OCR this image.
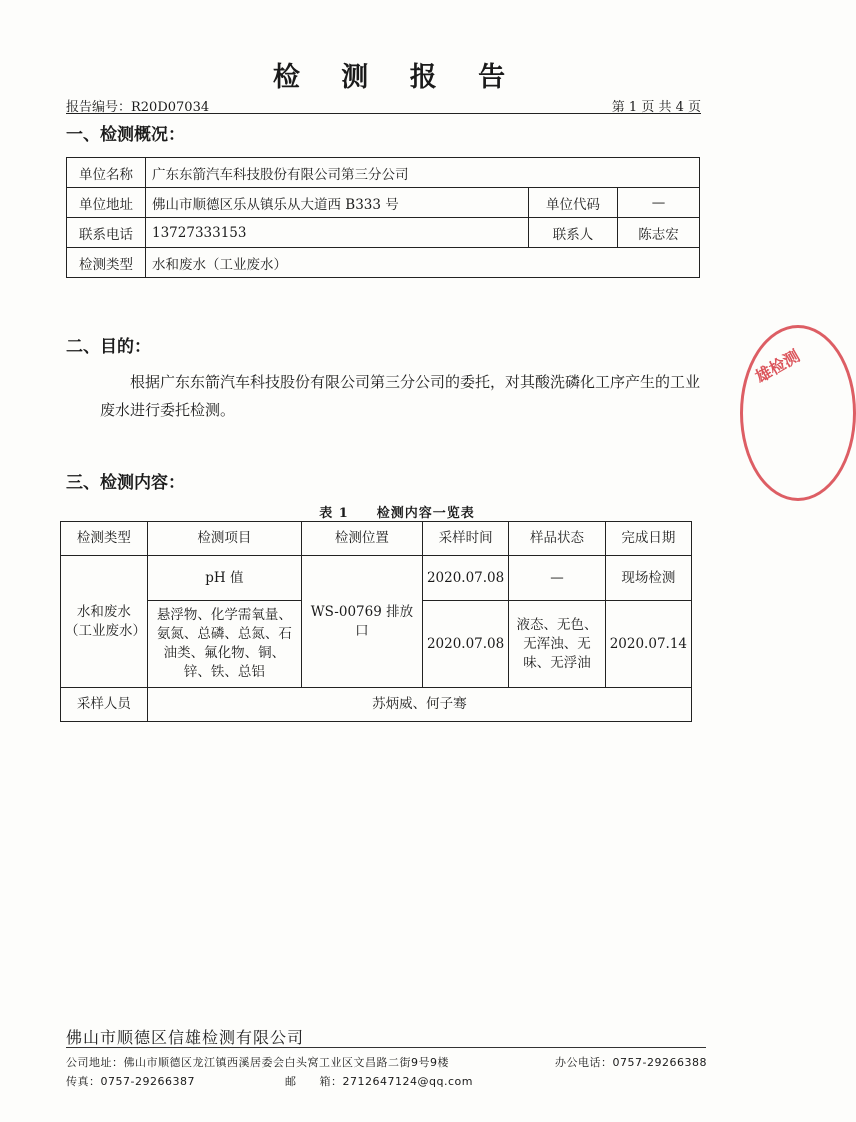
检 测 报 告
报告编号：R20D07034	第 1 页 共 4 页
一、检测概况：
单位名称	广东东箭汽车科技股份有限公司第三分公司		
单位地址	佛山市顺德区乐从镇乐从大道西 B333 号	单位代码	—
联系电话	13727333153	联系人	陈志宏
检测类型	水和废水（工业废水）		
二、目的：
根据广东东箭汽车科技股份有限公司第三分公司的委托，对其酸洗磷化工序产生的工业废水进行委托检测。
三、检测内容：
表 1　　检测内容一览表
检测类型	检测项目	检测位置	采样时间	样品状态	完成日期
水和废水
（工业废水）	pH 值	WS-00769 排放口	2020.07.08	—	现场检测
	悬浮物、化学需氧量、氨氮、总磷、总氮、石油类、氟化物、铜、锌、铁、总铝		2020.07.08	液态、无色、无浑浊、无味、无浮油	2020.07.14
采样人员	苏炳威、何子骞				
雄检测
佛山市顺德区信雄检测有限公司
公司地址：佛山市顺德区龙江镇西溪居委会白头窝工业区文昌路二街9号9楼	办公电话：0757-29266388
传真：0757-29266387	邮　　箱：2712647124@qq.com
